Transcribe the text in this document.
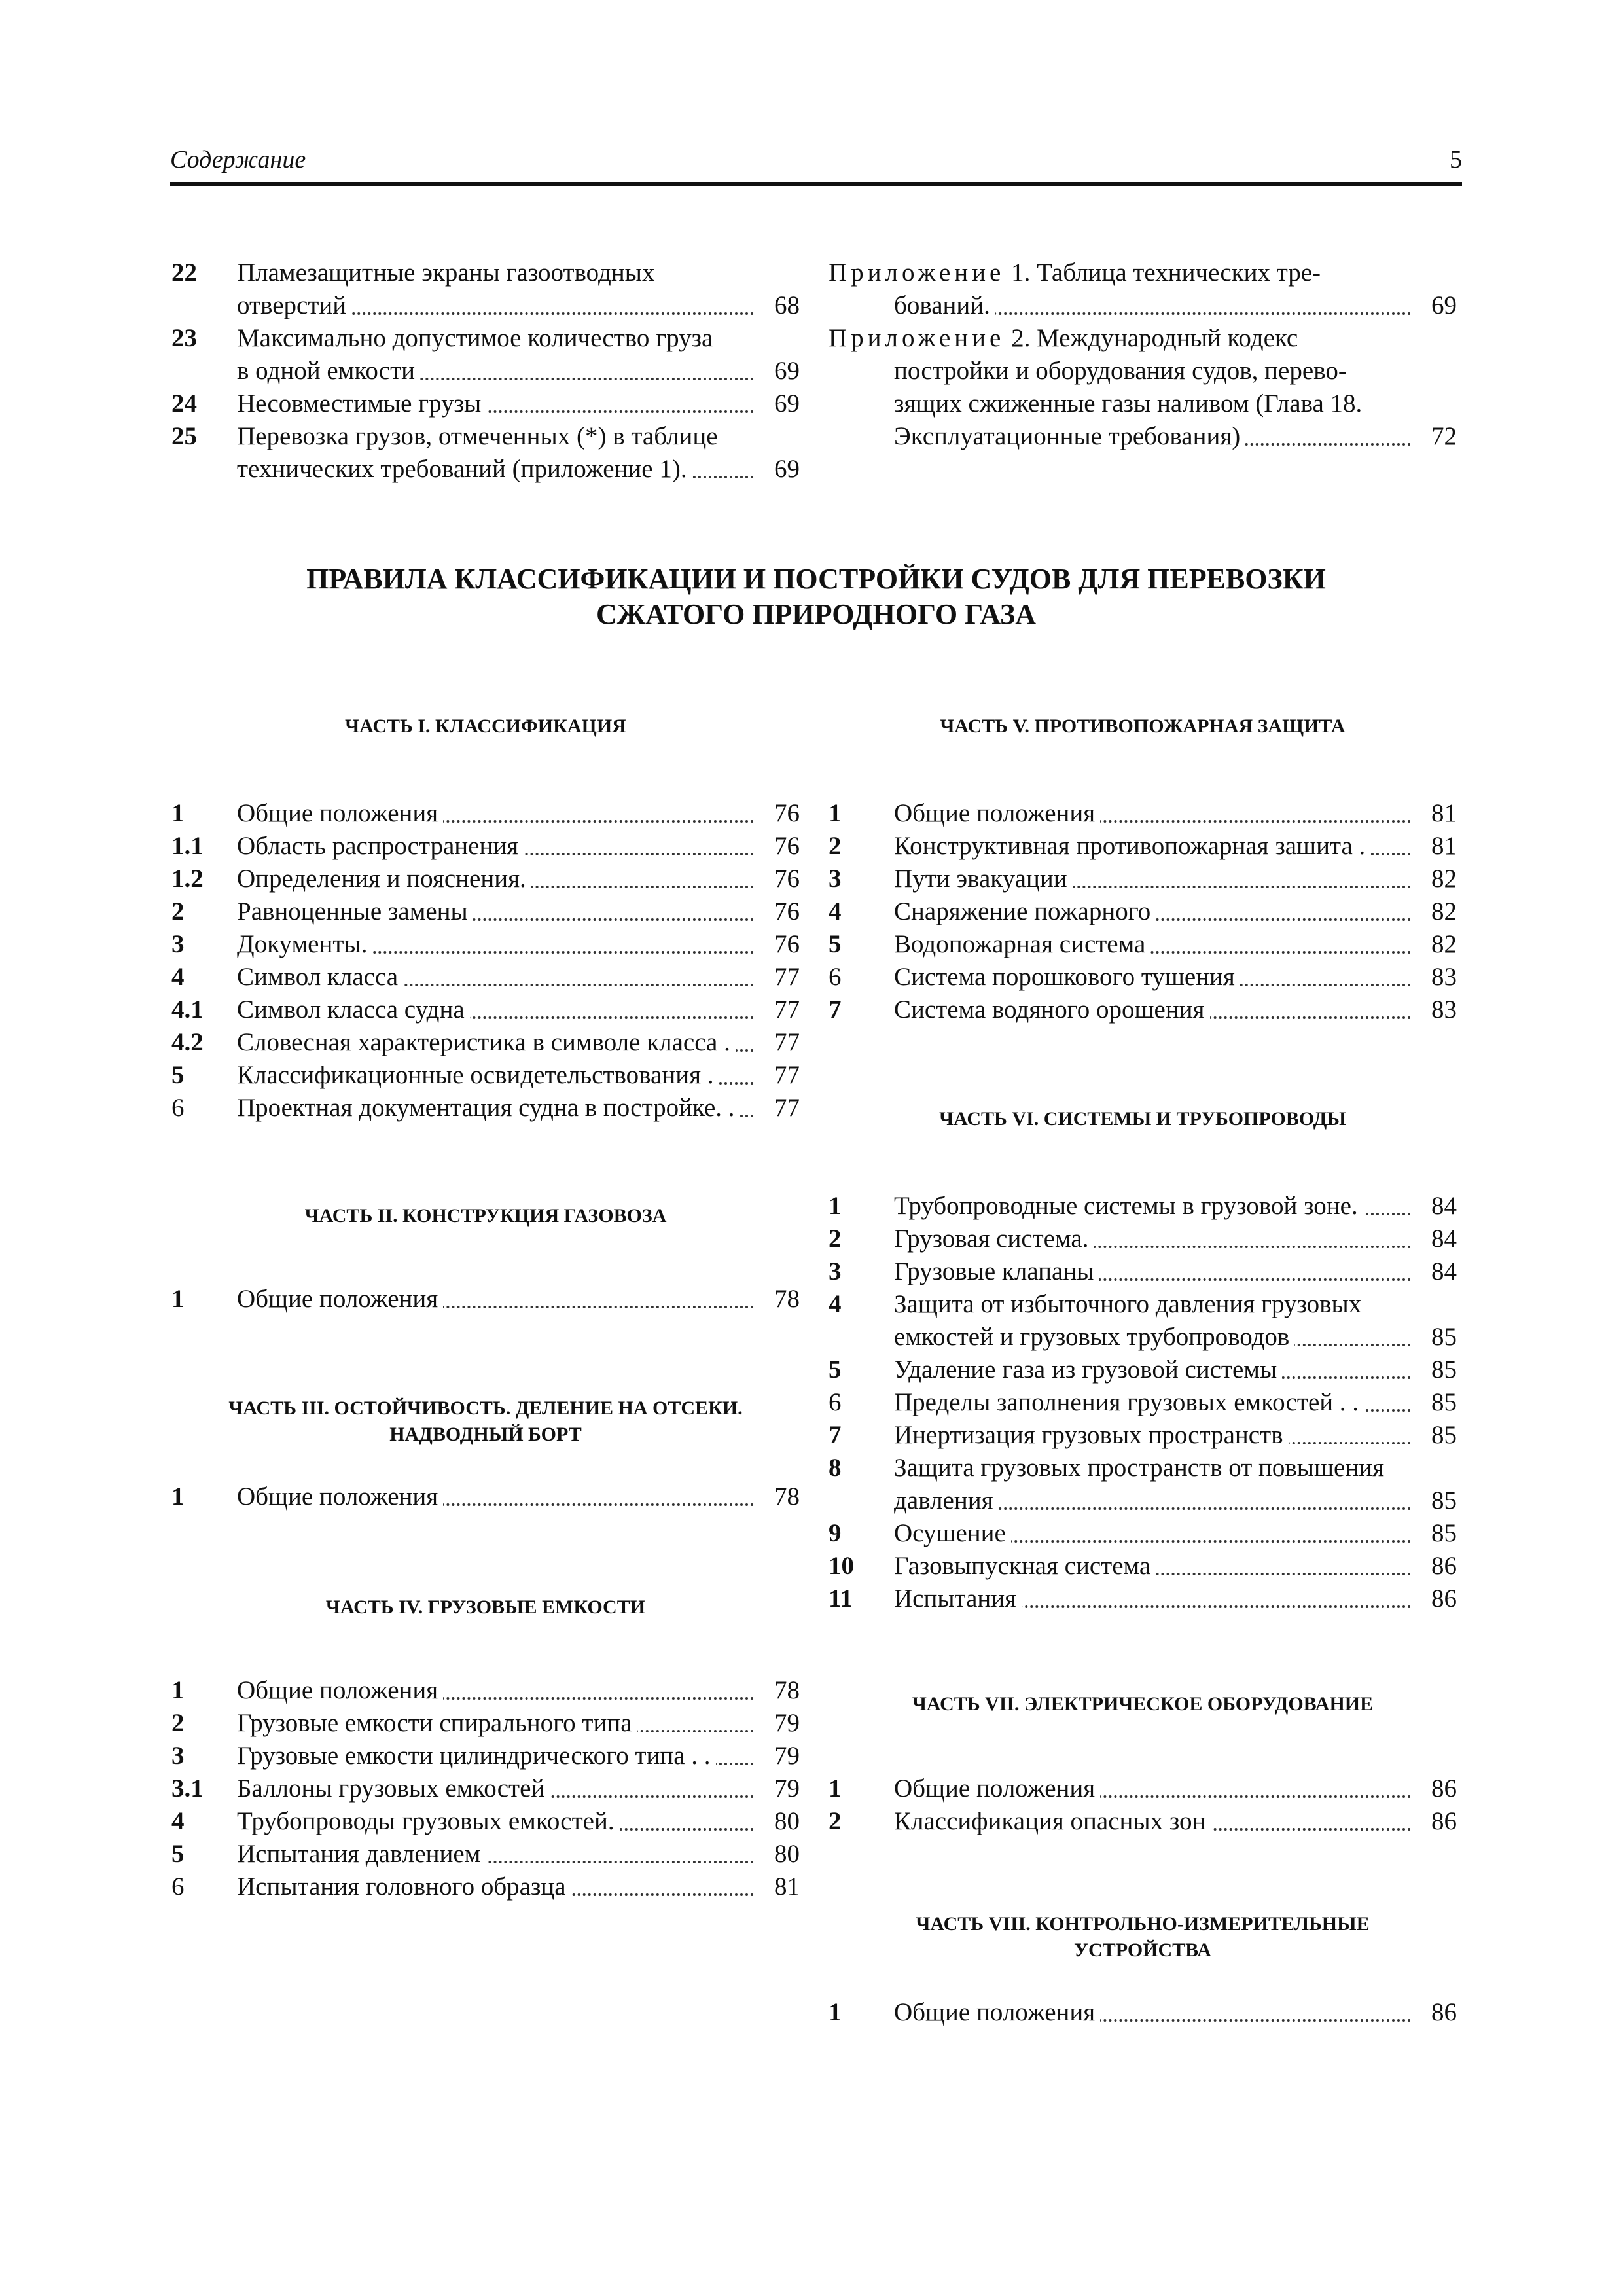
Содержание	5
22	Пламезащитные экраны газоотводных
отверстий	68
23	Максимально допустимое количество груза
в одной емкости	69
24	Несовместимые грузы	69
25	Перевозка грузов, отмеченных (*) в таблице
технических требований (приложение 1).	69
Приложение 1. Таблица технических тре-
бований.	69
Приложение 2. Международный кодекс
постройки и оборудования судов, перево-
зящих сжиженные газы наливом (Глава 18.
Эксплуатационные требования)	72
ПРАВИЛА КЛАССИФИКАЦИИ И ПОСТРОЙКИ СУДОВ ДЛЯ ПЕРЕВОЗКИ
СЖАТОГО ПРИРОДНОГО ГАЗА
ЧАСТЬ I. КЛАССИФИКАЦИЯ
1	Общие положения	76
1.1	Область распространения	76
1.2	Определения и пояснения.	76
2	Равноценные замены	76
3	Документы.	76
4	Символ класса	77
4.1	Символ класса судна	77
4.2	Словесная характеристика в символе класса .	77
5	Классификационные освидетельствования .	77
6	Проектная документация судна в постройке. .	77
ЧАСТЬ II. КОНСТРУКЦИЯ ГАЗОВОЗА
1	Общие положения	78
ЧАСТЬ III. ОСТОЙЧИВОСТЬ. ДЕЛЕНИЕ НА ОТСЕКИ.
НАДВОДНЫЙ БОРТ
1	Общие положения	78
ЧАСТЬ IV. ГРУЗОВЫЕ ЕМКОСТИ
1	Общие положения	78
2	Грузовые емкости спирального типа	79
3	Грузовые емкости цилиндрического типа . .	79
3.1	Баллоны грузовых емкостей	79
4	Трубопроводы грузовых емкостей.	80
5	Испытания давлением	80
6	Испытания головного образца	81
ЧАСТЬ V. ПРОТИВОПОЖАРНАЯ ЗАЩИТА
1	Общие положения	81
2	Конструктивная противопожарная зашита .	81
3	Пути эвакуации	82
4	Снаряжение пожарного	82
5	Водопожарная система	82
6	Система порошкового тушения	83
7	Система водяного орошения	83
ЧАСТЬ VI. СИСТЕМЫ И ТРУБОПРОВОДЫ
1	Трубопроводные системы в грузовой зоне.	84
2	Грузовая система.	84
3	Грузовые клапаны	84
4	Защита от избыточного давления грузовых
емкостей и грузовых трубопроводов	85
5	Удаление газа из грузовой системы	85
6	Пределы заполнения грузовых емкостей . .	85
7	Инертизация грузовых пространств	85
8	Защита грузовых пространств от повышения
давления	85
9	Осушение	85
10	Газовыпускная система	86
11	Испытания	86
ЧАСТЬ VII. ЭЛЕКТРИЧЕСКОЕ ОБОРУДОВАНИЕ
1	Общие положения	86
2	Классификация опасных зон	86
ЧАСТЬ VIII. КОНТРОЛЬНО-ИЗМЕРИТЕЛЬНЫЕ
УСТРОЙСТВА
1	Общие положения	86
